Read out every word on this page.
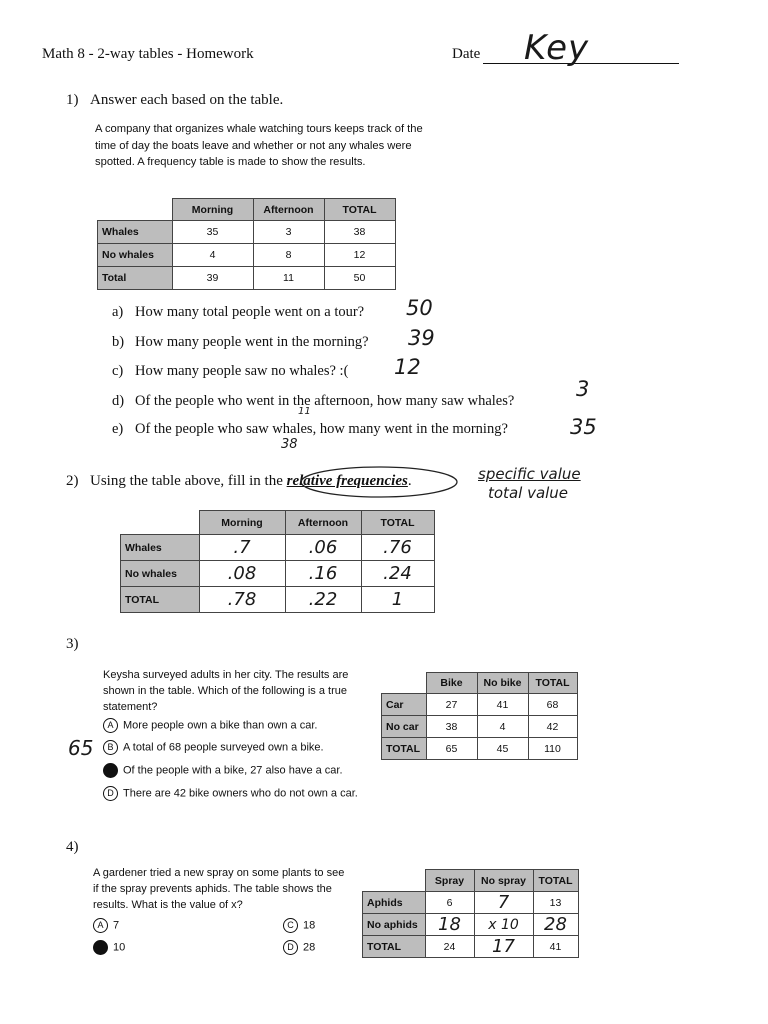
Math 8 - 2-way tables - Homework	Date Key
1) Answer each based on the table.
A company that organizes whale watching tours keeps track of the time of day the boats leave and whether or not any whales were spotted. A frequency table is made to show the results.
	Morning	Afternoon	TOTAL
Whales	35	3	38
No whales	4	8	12
Total	39	11	50
a) How many total people went on a tour? 50
b) How many people went in the morning? 39
c) How many people saw no whales? :( 12
d) Of the people who went in the afternoon, how many saw whales?
11
3
e) Of the people who saw whales, how many went in the morning?
38
35
2) Using the table above, fill in the relative frequencies.	specific value
total value
	Morning	Afternoon	TOTAL
Whales	.7	.06	.76
No whales	.08	.16	.24
TOTAL	.78	.22	1
3)
Keysha surveyed adults in her city. The results are shown in the table. Which of the following is a true statement?
A More people own a bike than own a car.
B A total of 68 people surveyed own a bike.
C Of the people with a bike, 27 also have a car.
D There are 42 bike owners who do not own a car.
65
	Bike	No bike	TOTAL
Car	27	41	68
No car	38	4	42
TOTAL	65	45	110
4)
A gardener tried a new spray on some plants to see if the spray prevents aphids. The table shows the results. What is the value of x?
A 7
B 10
C 18
D 28
	Spray	No spray	TOTAL
Aphids	6	7	13
No aphids	18	x 10	28
TOTAL	24	17	41
